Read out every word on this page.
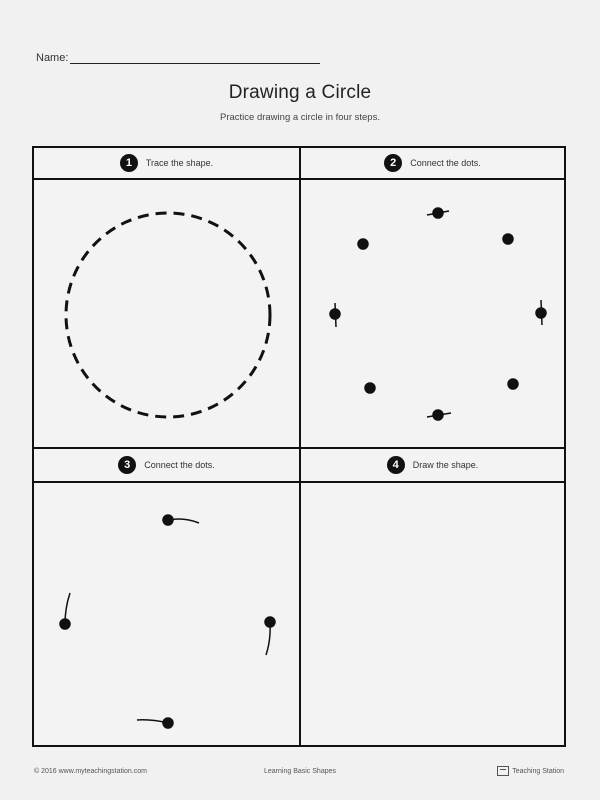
Name:
Drawing a Circle
Practice drawing a circle in four steps.
1	Trace the shape.	2	Connect the dots.
3	Connect the dots.	4	Draw the shape.
© 2016 www.myteachingstation.com	Learning Basic Shapes	Teaching Station
